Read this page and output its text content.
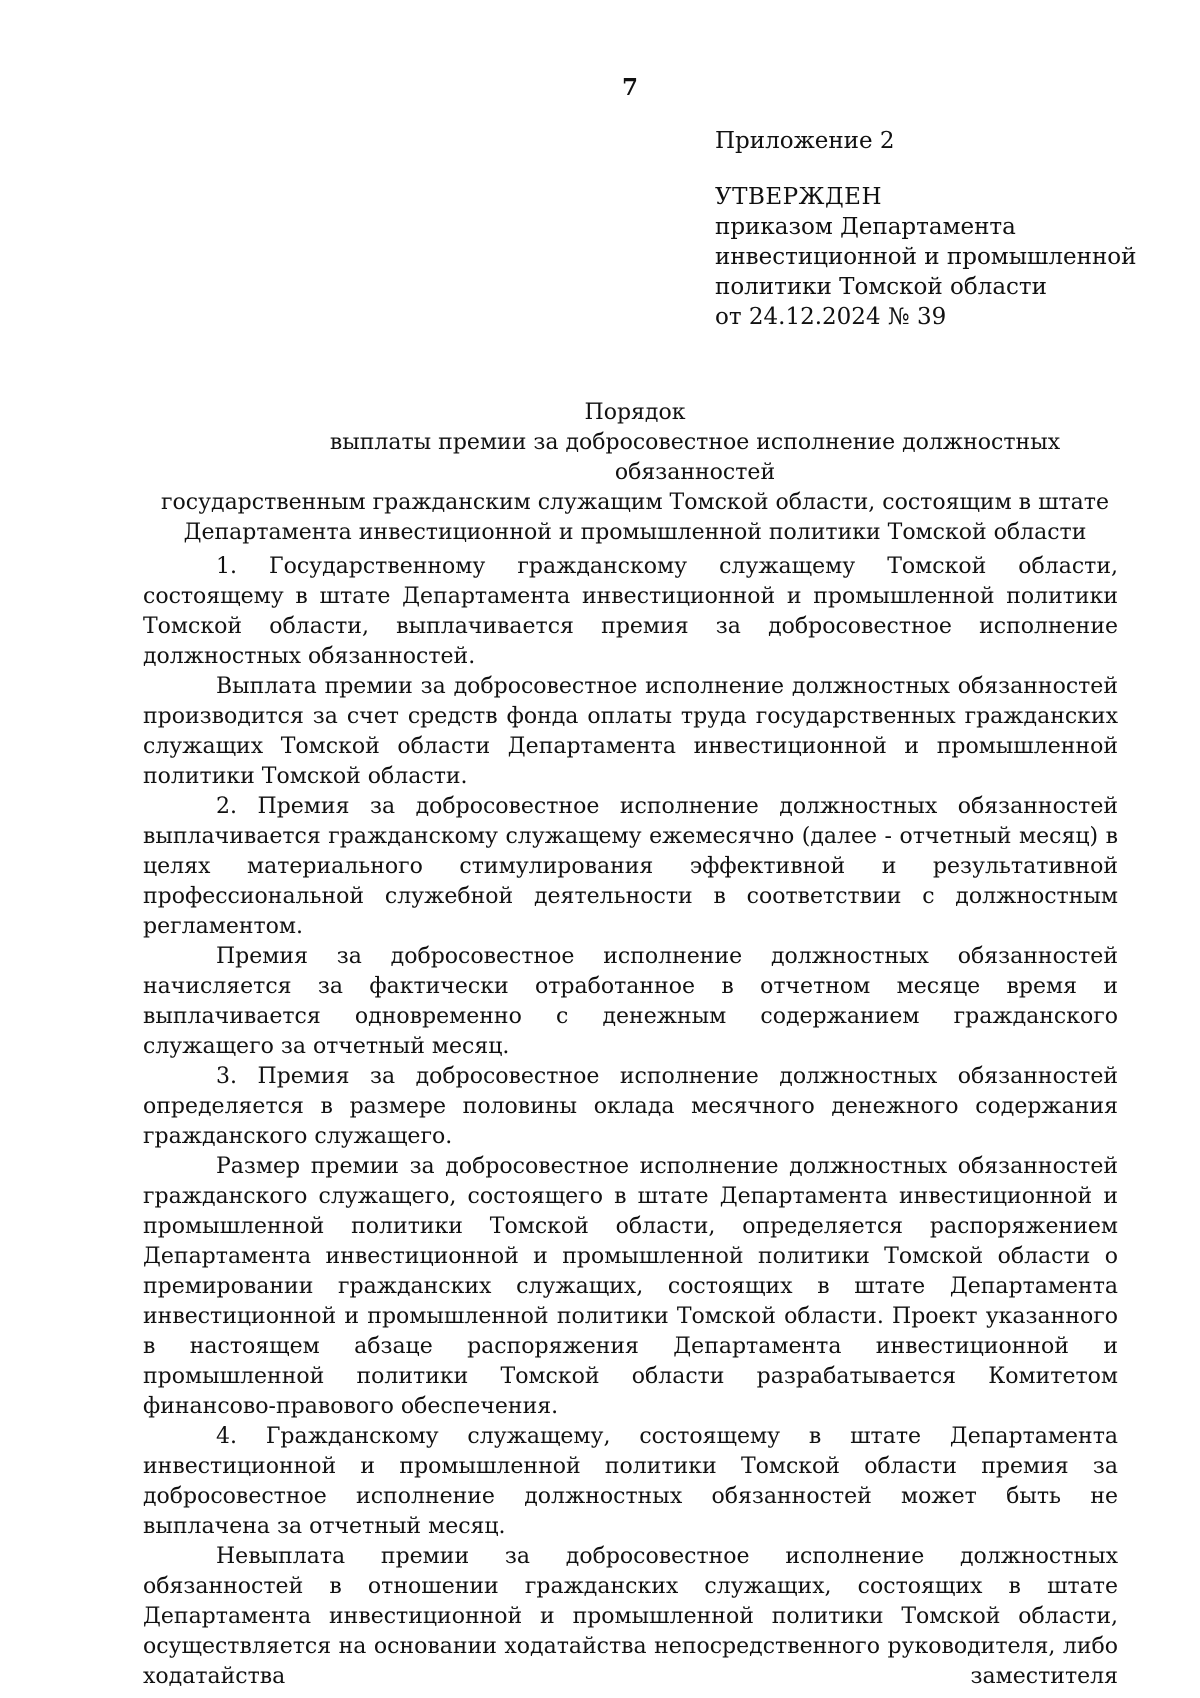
7
Приложение 2
УТВЕРЖДЕН
приказом Департамента
инвестиционной и промышленной
политики Томской области
от 24.12.2024 № 39
Порядок
выплаты премии за добросовестное исполнение должностных обязанностей
государственным гражданским служащим Томской области, состоящим в штате
Департамента инвестиционной и промышленной политики Томской области

1. Государственному гражданскому служащему Томской области, состоящему в штате Департамента инвестиционной и промышленной политики Томской области, выплачивается премия за добросовестное исполнение должностных обязанностей.

Выплата премии за добросовестное исполнение должностных обязанностей производится за счет средств фонда оплаты труда государственных гражданских служащих Томской области Департамента инвестиционной и промышленной политики Томской области.

2. Премия за добросовестное исполнение должностных обязанностей выплачивается гражданскому служащему ежемесячно (далее - отчетный месяц) в целях материального стимулирования эффективной и результативной профессиональной служебной деятельности в соответствии с должностным регламентом.

Премия за добросовестное исполнение должностных обязанностей начисляется за фактически отработанное в отчетном месяце время и выплачивается одновременно с денежным содержанием гражданского служащего за отчетный месяц.

3. Премия за добросовестное исполнение должностных обязанностей определяется в размере половины оклада месячного денежного содержания гражданского служащего.

Размер премии за добросовестное исполнение должностных обязанностей гражданского служащего, состоящего в штате Департамента инвестиционной и промышленной политики Томской области, определяется распоряжением Департамента инвестиционной и промышленной политики Томской области о премировании гражданских служащих, состоящих в штате Департамента инвестиционной и промышленной политики Томской области. Проект указанного в настоящем абзаце распоряжения Департамента инвестиционной и промышленной политики Томской области разрабатывается Комитетом финансово-правового обеспечения.

4. Гражданскому служащему, состоящему в штате Департамента инвестиционной и промышленной политики Томской области премия за добросовестное исполнение должностных обязанностей может быть не выплачена за отчетный месяц.

Невыплата премии за добросовестное исполнение должностных обязанностей в отношении гражданских служащих, состоящих в штате Департамента инвестиционной и промышленной политики Томской области, осуществляется на основании ходатайства непосредственного руководителя, либо ходатайства заместителя
